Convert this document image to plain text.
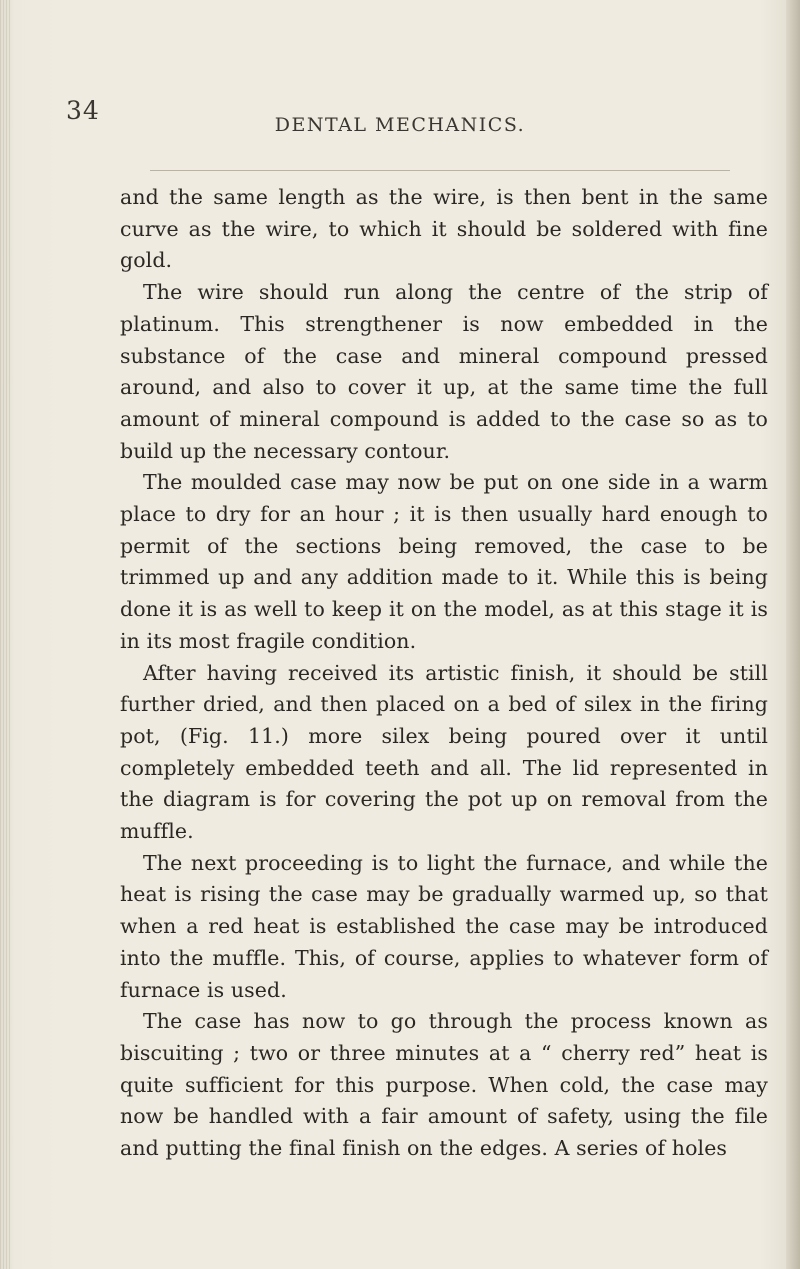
34	DENTAL MECHANICS.

and the same length as the wire, is then bent in the same curve as the wire, to which it should be soldered with fine gold.

The wire should run along the centre of the strip of platinum. This strengthener is now embedded in the substance of the case and mineral compound pressed around, and also to cover it up, at the same time the full amount of mineral compound is added to the case so as to build up the necessary contour.

The moulded case may now be put on one side in a warm place to dry for an hour ; it is then usually hard enough to permit of the sections being removed, the case to be trimmed up and any addition made to it. While this is being done it is as well to keep it on the model, as at this stage it is in its most fragile condition.

After having received its artistic finish, it should be still further dried, and then placed on a bed of silex in the firing pot, (Fig. 11.) more silex being poured over it until completely embedded teeth and all. The lid represented in the diagram is for covering the pot up on removal from the muffle.

The next proceeding is to light the furnace, and while the heat is rising the case may be gradually warmed up, so that when a red heat is established the case may be introduced into the muffle. This, of course, applies to whatever form of furnace is used.

The case has now to go through the process known as biscuiting ; two or three minutes at a “ cherry red” heat is quite sufficient for this purpose. When cold, the case may now be handled with a fair amount of safety, using the file and putting the final finish on the edges. A series of holes
